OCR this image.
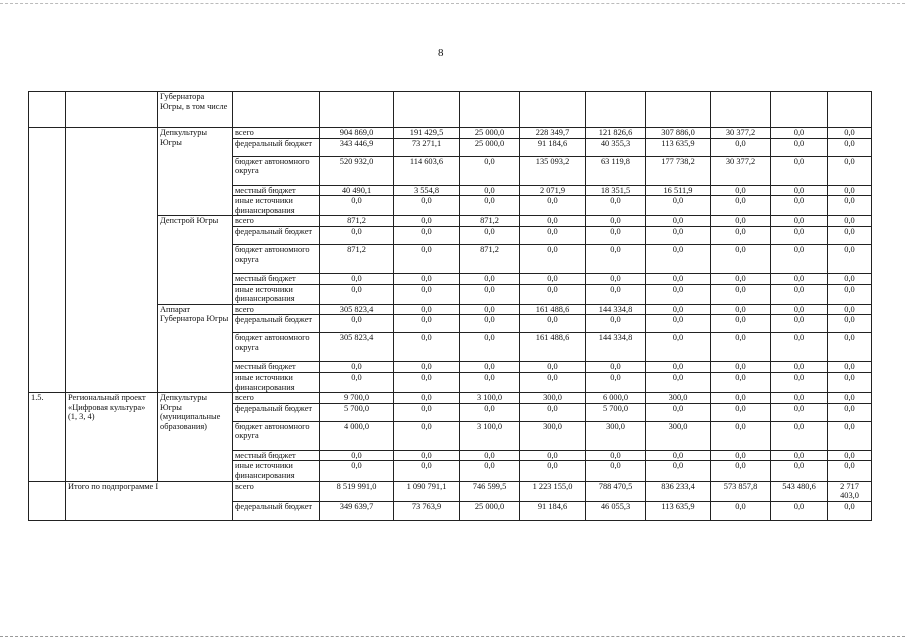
8
		Губернатора Югры, в том числе										
		Депкультуры Югры	всего	904 869,0	191 429,5	25 000,0	228 349,7	121 826,6	307 886,0	30 377,2	0,0	0,0
			федеральный бюджет	343 446,9	73 271,1	25 000,0	91 184,6	40 355,3	113 635,9	0,0	0,0	0,0
			бюджет автономного округа	520 932,0	114 603,6	0,0	135 093,2	63 119,8	177 738,2	30 377,2	0,0	0,0
			местный бюджет	40 490,1	3 554,8	0,0	2 071,9	18 351,5	16 511,9	0,0	0,0	0,0
			иные источники финансирования	0,0	0,0	0,0	0,0	0,0	0,0	0,0	0,0	0,0
		Депстрой Югры	всего	871,2	0,0	871,2	0,0	0,0	0,0	0,0	0,0	0,0
			федеральный бюджет	0,0	0,0	0,0	0,0	0,0	0,0	0,0	0,0	0,0
			бюджет автономного округа	871,2	0,0	871,2	0,0	0,0	0,0	0,0	0,0	0,0
			местный бюджет	0,0	0,0	0,0	0,0	0,0	0,0	0,0	0,0	0,0
			иные источники финансирования	0,0	0,0	0,0	0,0	0,0	0,0	0,0	0,0	0,0
		Аппарат Губернатора Югры	всего	305 823,4	0,0	0,0	161 488,6	144 334,8	0,0	0,0	0,0	0,0
			федеральный бюджет	0,0	0,0	0,0	0,0	0,0	0,0	0,0	0,0	0,0
			бюджет автономного округа	305 823,4	0,0	0,0	161 488,6	144 334,8	0,0	0,0	0,0	0,0
			местный бюджет	0,0	0,0	0,0	0,0	0,0	0,0	0,0	0,0	0,0
			иные источники финансирования	0,0	0,0	0,0	0,0	0,0	0,0	0,0	0,0	0,0
1.5.	Региональный проект «Цифровая культура» (1, 3, 4)	Депкультуры Югры (муниципальные образования)	всего	9 700,0	0,0	3 100,0	300,0	6 000,0	300,0	0,0	0,0	0,0
			федеральный бюджет	5 700,0	0,0	0,0	0,0	5 700,0	0,0	0,0	0,0	0,0
			бюджет автономного округа	4 000,0	0,0	3 100,0	300,0	300,0	300,0	0,0	0,0	0,0
			местный бюджет	0,0	0,0	0,0	0,0	0,0	0,0	0,0	0,0	0,0
			иные источники финансирования	0,0	0,0	0,0	0,0	0,0	0,0	0,0	0,0	0,0
	Итого по подпрограмме I		всего	8 519 991,0	1 090 791,1	746 599,5	1 223 155,0	788 470,5	836 233,4	573 857,8	543 480,6	2 717 403,0
			федеральный бюджет	349 639,7	73 763,9	25 000,0	91 184,6	46 055,3	113 635,9	0,0	0,0	0,0
